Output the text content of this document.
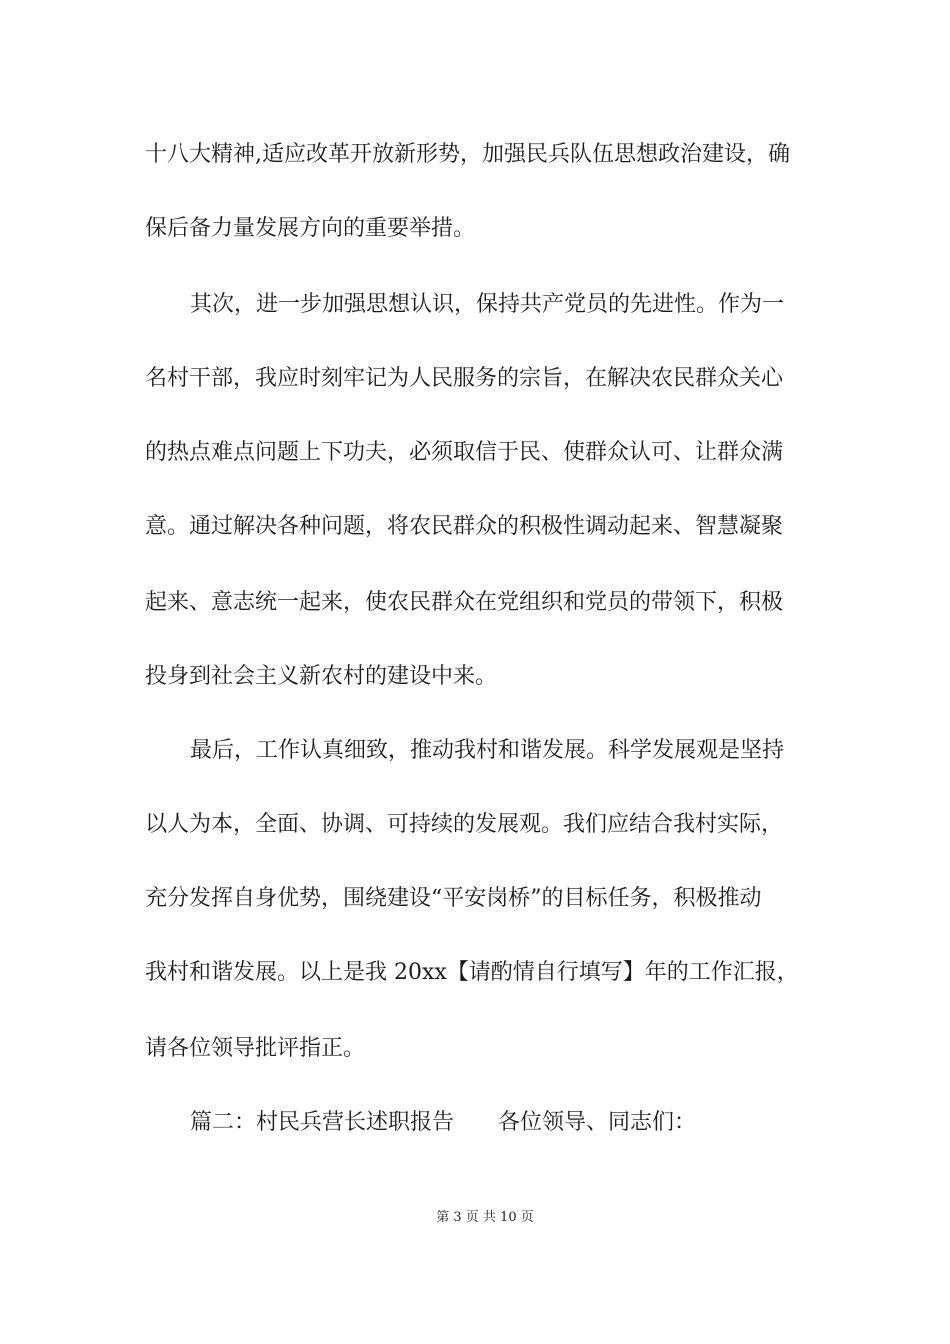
十八大精神,适应改革开放新形势，加强民兵队伍思想政治建设，确
保后备力量发展方向的重要举措。
其次，进一步加强思想认识，保持共产党员的先进性。作为一
名村干部，我应时刻牢记为人民服务的宗旨，在解决农民群众关心
的热点难点问题上下功夫，必须取信于民、使群众认可、让群众满
意。通过解决各种问题，将农民群众的积极性调动起来、智慧凝聚
起来、意志统一起来，使农民群众在党组织和党员的带领下，积极
投身到社会主义新农村的建设中来。
最后，工作认真细致，推动我村和谐发展。科学发展观是坚持
以人为本，全面、协调、可持续的发展观。我们应结合我村实际，
充分发挥自身优势，围绕建设“平安岗桥”的目标任务，积极推动
我村和谐发展。以上是我 20xx【请酌情自行填写】年的工作汇报，
请各位领导批评指正。
篇二：村民兵营长述职报告　　各位领导、同志们：
第 3 页 共 10 页
